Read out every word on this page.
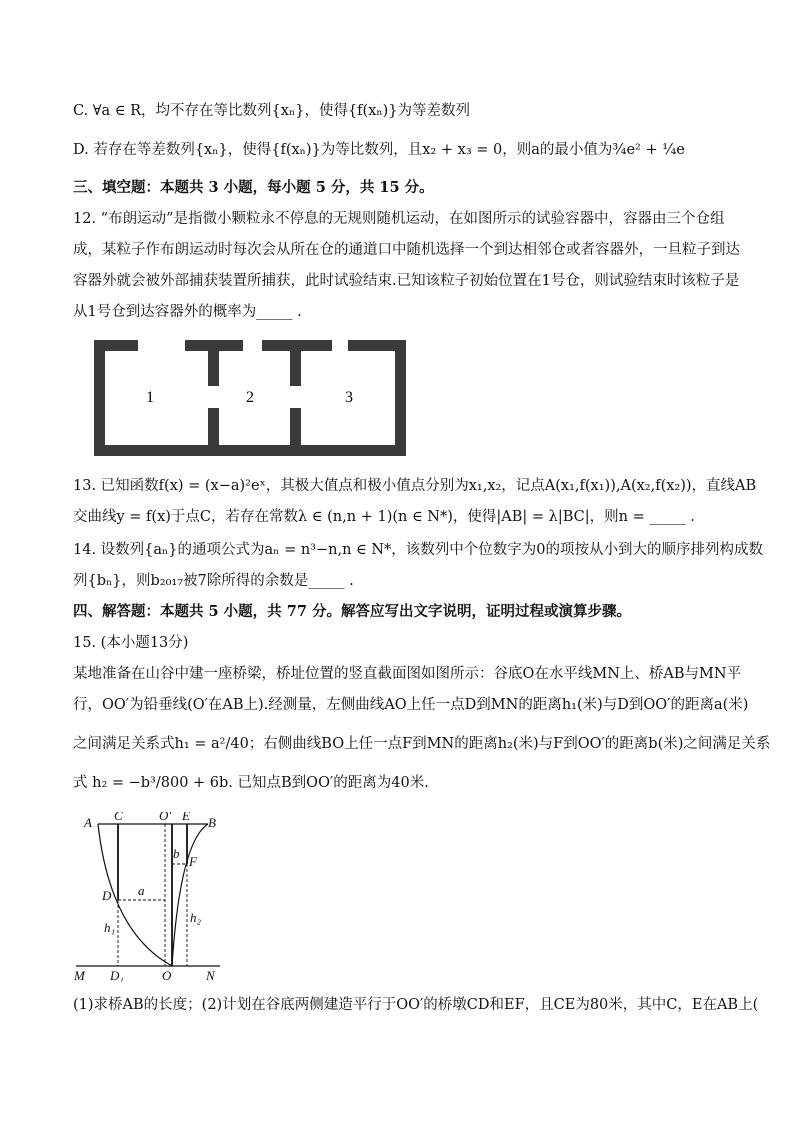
C. ∀a ∈ R，均不存在等比数列{xₙ}，使得{f(xₙ)}为等差数列
D. 若存在等差数列{xₙ}，使得{f(xₙ)}为等比数列，且x₂ + x₃ = 0，则a的最小值为¾e² + ¼e
三、填空题：本题共 3 小题，每小题 5 分，共 15 分。
12. “布朗运动”是指微小颗粒永不停息的无规则随机运动，在如图所示的试验容器中，容器由三个仓组
成，某粒子作布朗运动时每次会从所在仓的通道口中随机选择一个到达相邻仓或者容器外，一旦粒子到达
容器外就会被外部捕获装置所捕获，此时试验结束.已知该粒子初始位置在1号仓，则试验结束时该粒子是
从1号仓到达容器外的概率为_____ .
1	2	3
13. 已知函数f(x) = (x−a)²eˣ，其极大值点和极小值点分别为x₁,x₂，记点A(x₁,f(x₁)),A(x₂,f(x₂))，直线AB
交曲线y = f(x)于点C，若存在常数λ ∈ (n,n + 1)(n ∈ N*)，使得|AB| = λ|BC|，则n = _____ .
14. 设数列{aₙ}的通项公式为aₙ = n³−n,n ∈ N*，该数列中个位数字为0的项按从小到大的顺序排列构成数
列{bₙ}，则b₂₀₁₇被7除所得的余数是_____ .
四、解答题：本题共 5 小题，共 77 分。解答应写出文字说明，证明过程或演算步骤。
15. (本小题13分)
某地准备在山谷中建一座桥梁，桥址位置的竖直截面图如图所示：谷底O在水平线MN上、桥AB与MN平
行，OO′为铅垂线(O′在AB上).经测量，左侧曲线AO上任一点D到MN的距离h₁(米)与D到OO′的距离a(米)
之间满足关系式h₁ = a²/40；右侧曲线BO上任一点F到MN的距离h₂(米)与F到OO′的距离b(米)之间满足关系
式 h₂ = −b³/800 + 6b. 已知点B到OO′的距离为40米.
A C	O′ E B
b
F
D a
h₁
h₂
M D₁	O	N
(1)求桥AB的长度；(2)计划在谷底两侧建造平行于OO′的桥墩CD和EF，且CE为80米，其中C，E在AB上(
